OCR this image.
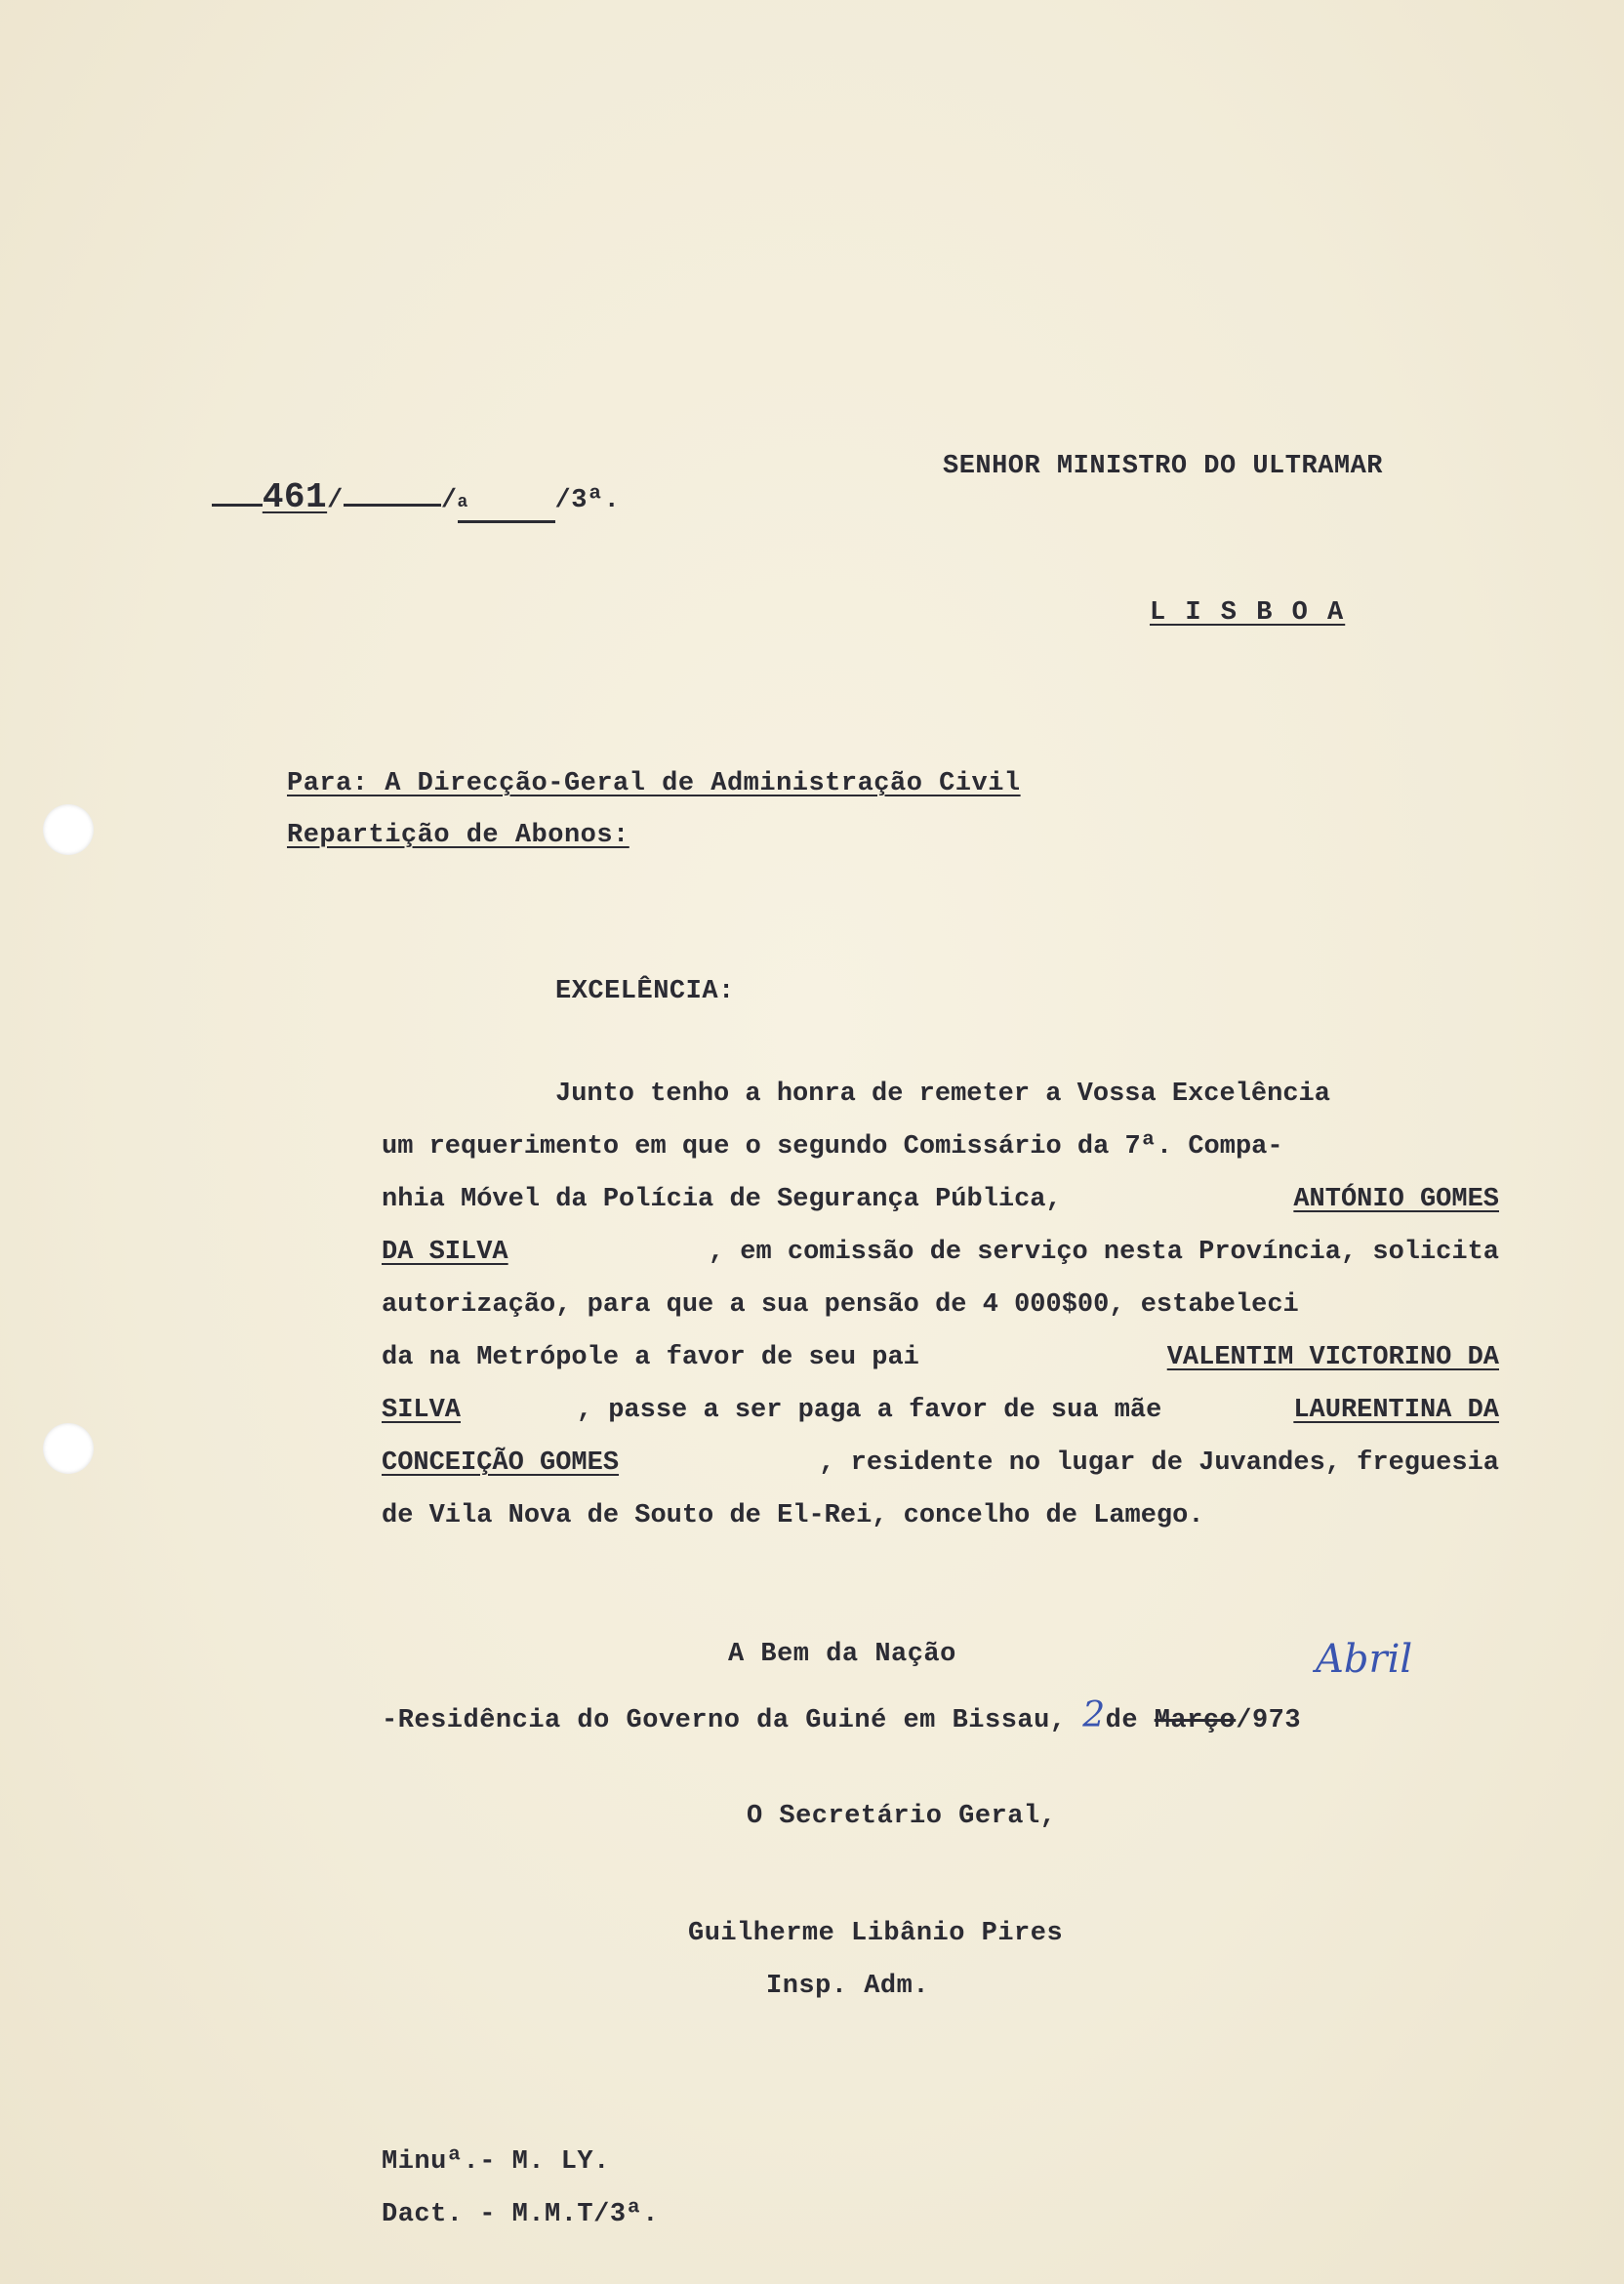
461/	/a	/3ª.

SENHOR MINISTRO DO ULTRAMAR
L I S B O A
Para: A Direcção-Geral de Administração Civil
Repartição de Abonos:
EXCELÊNCIA:
Junto tenho a honra de remeter a Vossa Excelência
um requerimento em que o segundo Comissário da 7ª. Compa-
nhia Móvel da Polícia de Segurança Pública,	ANTÓNIO GOMES
DA SILVA	, em comissão de serviço nesta Província, solicita
autorização, para que a sua pensão de 4 000$00, estabeleci
da na Metrópole a favor de seu pai	VALENTIM VICTORINO DA
SILVA	, passe a ser paga a favor de sua mãe	LAURENTINA DA
CONCEIÇÃO GOMES	, residente no lugar de Juvandes, freguesia
de Vila Nova de Souto de El-Rei, concelho de Lamego.
A Bem da Nação	Abril
-Residência do Governo da Guiné em Bissau, 2de Março/973
O Secretário Geral,
Guilherme Libânio Pires
Insp. Adm.
Minuª.- M. LY.
Dact. - M.M.T/3ª.
